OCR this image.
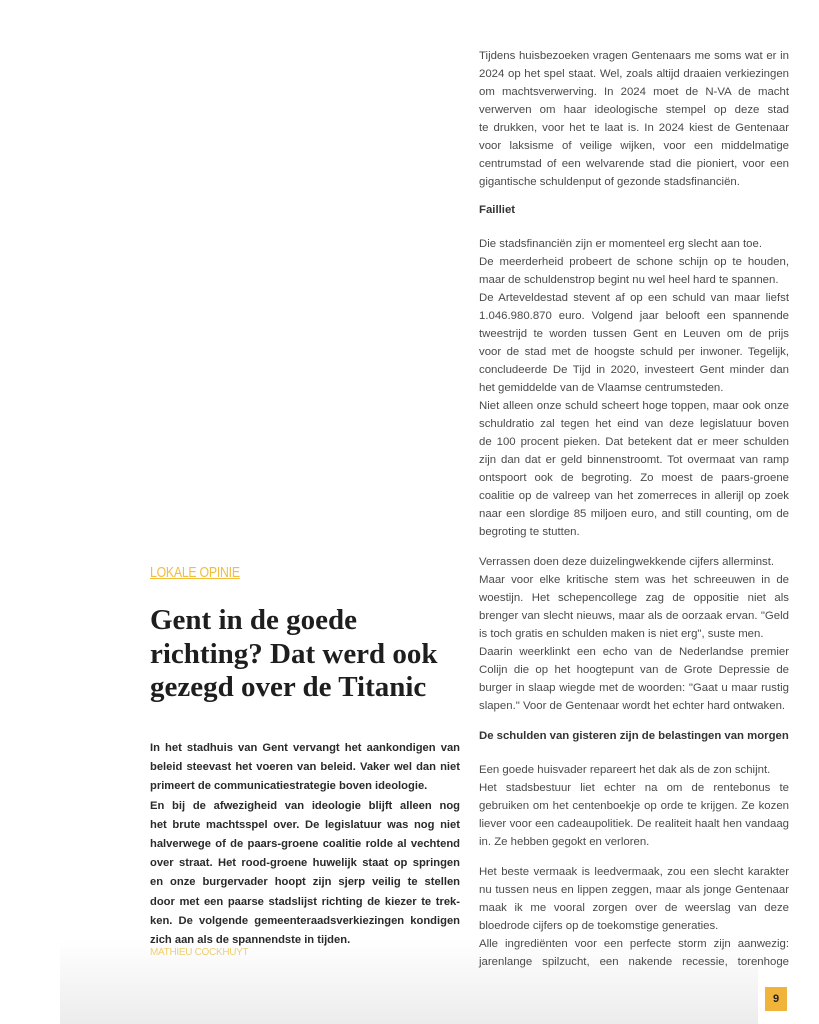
LOKALE OPINIE
Gent in de goede
richting? Dat werd ook
gezegd over de Titanic
In het stadhuis van Gent vervangt het aankondigen van
beleid steevast het voeren van beleid. Vaker wel dan niet
primeert de communicatiestrategie boven ideologie.
En bij de afwezigheid van ideologie blijft alleen nog
het brute machtsspel over. De legislatuur was nog niet
halverwege of de paars-groene coalitie rolde al vechtend
over straat. Het rood-groene huwelijk staat op springen
en onze burgervader hoopt zijn sjerp veilig te stellen
door met een paarse stadslijst richting de kiezer te trek-
ken. De volgende gemeenteraadsverkiezingen kondigen
zich aan als de spannendste in tijden.
MATHIEU COCKHUYT
Tijdens huisbezoeken vragen Gentenaars me soms wat er in
2024 op het spel staat. Wel, zoals altijd draaien verkiezingen
om machtsverwerving. In 2024 moet de N-VA de macht
verwerven om haar ideologische stempel op deze stad
te drukken, voor het te laat is. In 2024 kiest de Gentenaar
voor laksisme of veilige wijken, voor een middelmatige
centrumstad of een welvarende stad die pioniert, voor een
gigantische schuldenput of gezonde stadsfinanciën.
Failliet
Die stadsfinanciën zijn er momenteel erg slecht aan toe.
De meerderheid probeert de schone schijn op te houden,
maar de schuldenstrop begint nu wel heel hard te spannen.
De Arteveldestad stevent af op een schuld van maar liefst
1.046.980.870 euro. Volgend jaar belooft een spannende
tweestrijd te worden tussen Gent en Leuven om de prijs
voor de stad met de hoogste schuld per inwoner. Tegelijk,
concludeerde De Tijd in 2020, investeert Gent minder dan
het gemiddelde van de Vlaamse centrumsteden.
Niet alleen onze schuld scheert hoge toppen, maar ook onze
schuldratio zal tegen het eind van deze legislatuur boven
de 100 procent pieken. Dat betekent dat er meer schulden
zijn dan dat er geld binnenstroomt. Tot overmaat van ramp
ontspoort ook de begroting. Zo moest de paars-groene
coalitie op de valreep van het zomerreces in allerijl op zoek
naar een slordige 85 miljoen euro, and still counting, om de
begroting te stutten.
Verrassen doen deze duizelingwekkende cijfers allerminst.
Maar voor elke kritische stem was het schreeuwen in de
woestijn. Het schepencollege zag de oppositie niet als
brenger van slecht nieuws, maar als de oorzaak ervan. "Geld
is toch gratis en schulden maken is niet erg", suste men.
Daarin weerklinkt een echo van de Nederlandse premier
Colijn die op het hoogtepunt van de Grote Depressie de
burger in slaap wiegde met de woorden: "Gaat u maar rustig
slapen." Voor de Gentenaar wordt het echter hard ontwaken.
De schulden van gisteren zijn de belastingen van morgen
Een goede huisvader repareert het dak als de zon schijnt.
Het stadsbestuur liet echter na om de rentebonus te
gebruiken om het centenboekje op orde te krijgen. Ze kozen
liever voor een cadeaupolitiek. De realiteit haalt hen vandaag
in. Ze hebben gegokt en verloren.
Het beste vermaak is leedvermaak, zou een slecht karakter
nu tussen neus en lippen zeggen, maar als jonge Gentenaar
maak ik me vooral zorgen over de weerslag van deze
bloedrode cijfers op de toekomstige generaties.
Alle ingrediënten voor een perfecte storm zijn aanwezig:
jarenlange spilzucht, een nakende recessie, torenhoge
9
